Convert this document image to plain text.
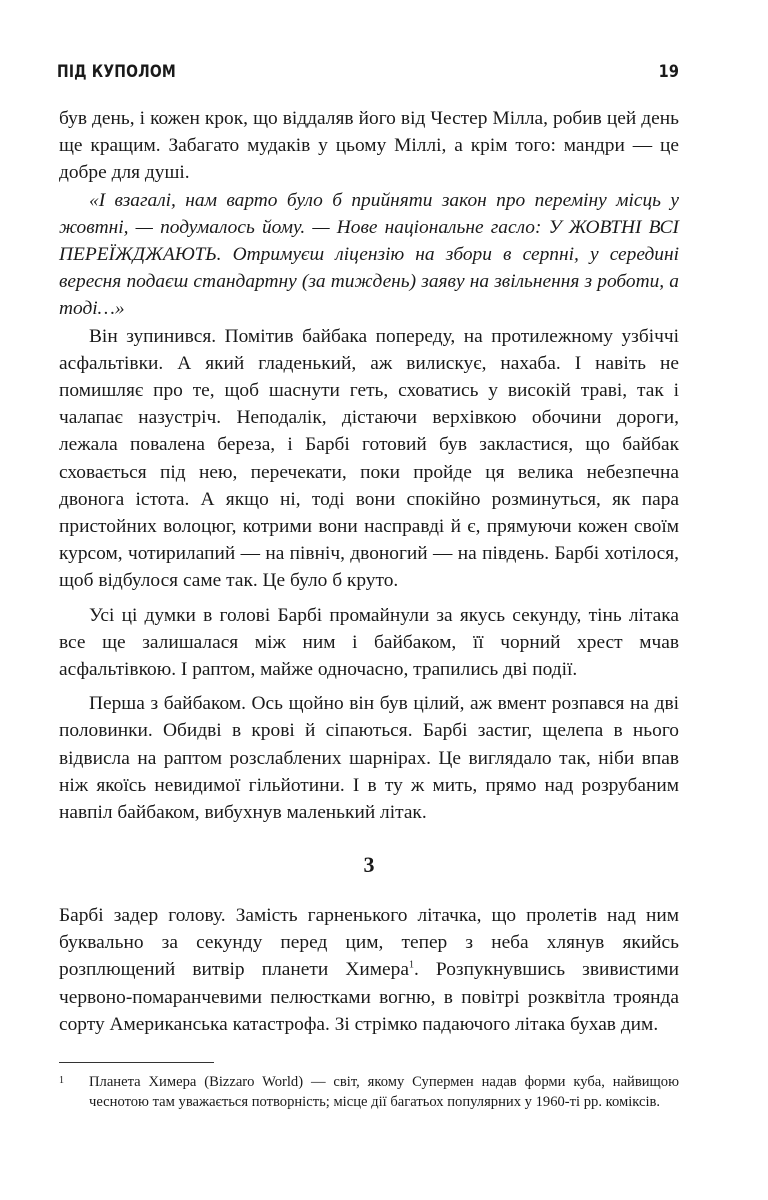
ПІД КУПОЛОМ	19

був день, і кожен крок, що віддаляв його від Честер Мілла, робив цей день ще кращим. Забагато мудаків у цьому Міллі, а крім того: мандри — це добре для душі.

«І взагалі, нам варто було б прийняти закон про переміну місць у жовтні, — подумалось йому. — Нове національне гасло: У ЖОВТНІ ВСІ ПЕРЕЇЖДЖАЮТЬ. Отримуєш ліцензію на збори в серпні, у середині вересня подаєш стандартну (за тиждень) заяву на звільнення з роботи, а тоді…»

Він зупинився. Помітив байбака попереду, на протилежному узбіччі асфальтівки. А який гладенький, аж вилискує, нахаба. І навіть не помишляє про те, щоб шаснути геть, сховатись у високій траві, так і чалапає назустріч. Неподалік, дістаючи верхівкою обочини дороги, лежала повалена береза, і Барбі готовий був закластися, що байбак сховається під нею, перечекати, поки пройде ця велика небезпечна двонога істота. А якщо ні, тоді вони спокійно розминуться, як пара пристойних волоцюг, котрими вони насправді й є, прямуючи кожен своїм курсом, чотирилапий — на північ, двоногий — на південь. Барбі хотілося, щоб відбулося саме так. Це було б круто.

Усі ці думки в голові Барбі промайнули за якусь секунду, тінь літака все ще залишалася між ним і байбаком, її чорний хрест мчав асфальтівкою. І раптом, майже одночасно, трапились дві події.

Перша з байбаком. Ось щойно він був цілий, аж вмент розпався на дві половинки. Обидві в крові й сіпаються. Барбі застиг, щелепа в нього відвисла на раптом розслаблених шарнірах. Це виглядало так, ніби впав ніж якоїсь невидимої гільйотини. І в ту ж мить, прямо над розрубаним навпіл байбаком, вибухнув маленький літак.

3

Барбі задер голову. Замість гарненького літачка, що пролетів над ним буквально за секунду перед цим, тепер з неба хлянув якийсь розплющений витвір планети Химера$^1$. Розпукнувшись звивистими червоно-помаранчевими пелюстками вогню, в повітрі розквітла троянда сорту Американська катастрофа. Зі стрімко падаючого літака бухав дим.

1	Планета Химера (Bizzaro World) — світ, якому Супермен надав форми куба, найвищою чеснотою там уважається потворність; місце дії багатьох популярних у 1960-ті рр. коміксів.
